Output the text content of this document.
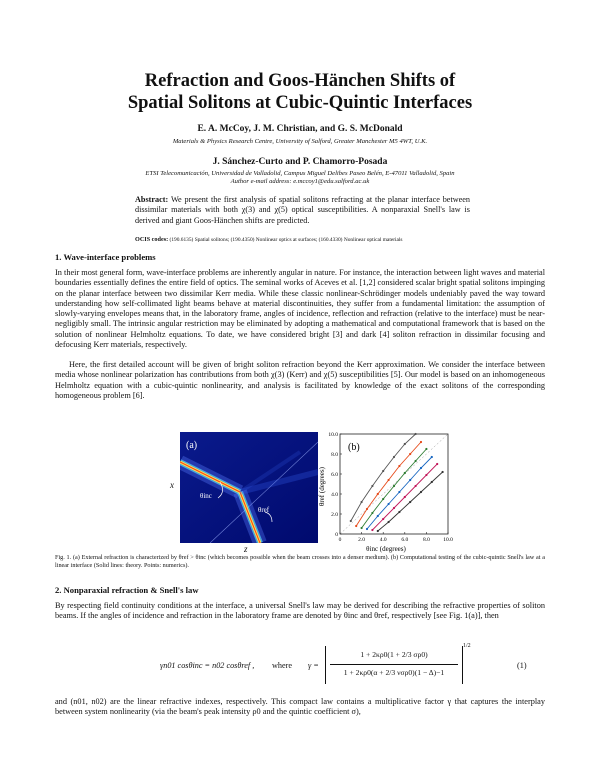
Refraction and Goos-Hänchen Shifts of
Spatial Solitons at Cubic-Quintic Interfaces
E. A. McCoy, J. M. Christian, and G. S. McDonald
Materials & Physics Research Centre, University of Salford, Greater Manchester M5 4WT, U.K.
J. Sánchez-Curto and P. Chamorro-Posada
ETSI Telecomunicación, Universidad de Valladolid, Campus Miguel Delibes Paseo Belén, E-47011 Valladolid, Spain
Author e-mail address: e.mccoy1@edu.salford.ac.uk
Abstract: We present the first analysis of spatial solitons refracting at the planar interface between dissimilar materials with both χ(3) and χ(5) optical susceptibilities. A nonparaxial Snell's law is derived and giant Goos-Hänchen shifts are predicted.
OCIS codes: (190.6135) Spatial solitons; (190.4350) Nonlinear optics at surfaces; (160.4330) Nonlinear optical materials
1. Wave-interface problems
In their most general form, wave-interface problems are inherently angular in nature. For instance, the interaction between light waves and material boundaries essentially defines the entire field of optics. The seminal works of Aceves et al. [1,2] considered scalar bright spatial solitons impinging on the planar interface between two dissimilar Kerr media. While these classic nonlinear-Schrödinger models undeniably paved the way toward understanding how self-collimated light beams behave at material discontinuities, they suffer from a fundamental limitation: the assumption of slowly-varying envelopes means that, in the laboratory frame, angles of incidence, reflection and refraction (relative to the interface) must be near-negligibly small. The intrinsic angular restriction may be eliminated by adopting a mathematical and computational framework that is based on the solution of nonlinear Helmholtz equations. To date, we have considered bright [3] and dark [4] soliton refraction in dissimilar focusing and defocusing Kerr materials, respectively.
Here, the first detailed account will be given of bright soliton refraction beyond the Kerr approximation. We consider the interface between media whose nonlinear polarization has contributions from both χ(3) (Kerr) and χ(5) susceptibilities [5]. Our model is based on an inhomogeneous Helmholtz equation with a cubic-quintic nonlinearity, and analysis is facilitated by knowledge of the exact solitons of the corresponding homogeneous problem [6].
(a)
θinc
θref
x
z
0	2.0	4.0	6.0	8.0 10.0
0
2.0
4.0
6.0
8.0
10.0
(b)
θref (degrees)
θinc (degrees)
Fig. 1. (a) External refraction is characterized by θref > θinc (which becomes possible when the beam crosses into a denser medium). (b) Computational testing of the cubic-quintic Snell's law at a linear interface (Solid lines: theory. Points: numerics).
2. Nonparaxial refraction & Snell's law
By respecting field continuity conditions at the interface, a universal Snell's law may be derived for describing the refractive properties of soliton beams. If the angles of incidence and refraction in the laboratory frame are denoted by θinc and θref, respectively [see Fig. 1(a)], then
γn01 cosθinc = n02 cosθref , where γ =
1 + 2κρ0(1 + 2/3 σρ0)
1 + 2κρ0(α + 2/3 νσρ0)(1 − Δ)−1
1/2
(1)
and (n01, n02) are the linear refractive indexes, respectively. This compact law contains a multiplicative factor γ that captures the interplay between system nonlinearity (via the beam's peak intensity ρ0 and the quintic coefficient σ),
